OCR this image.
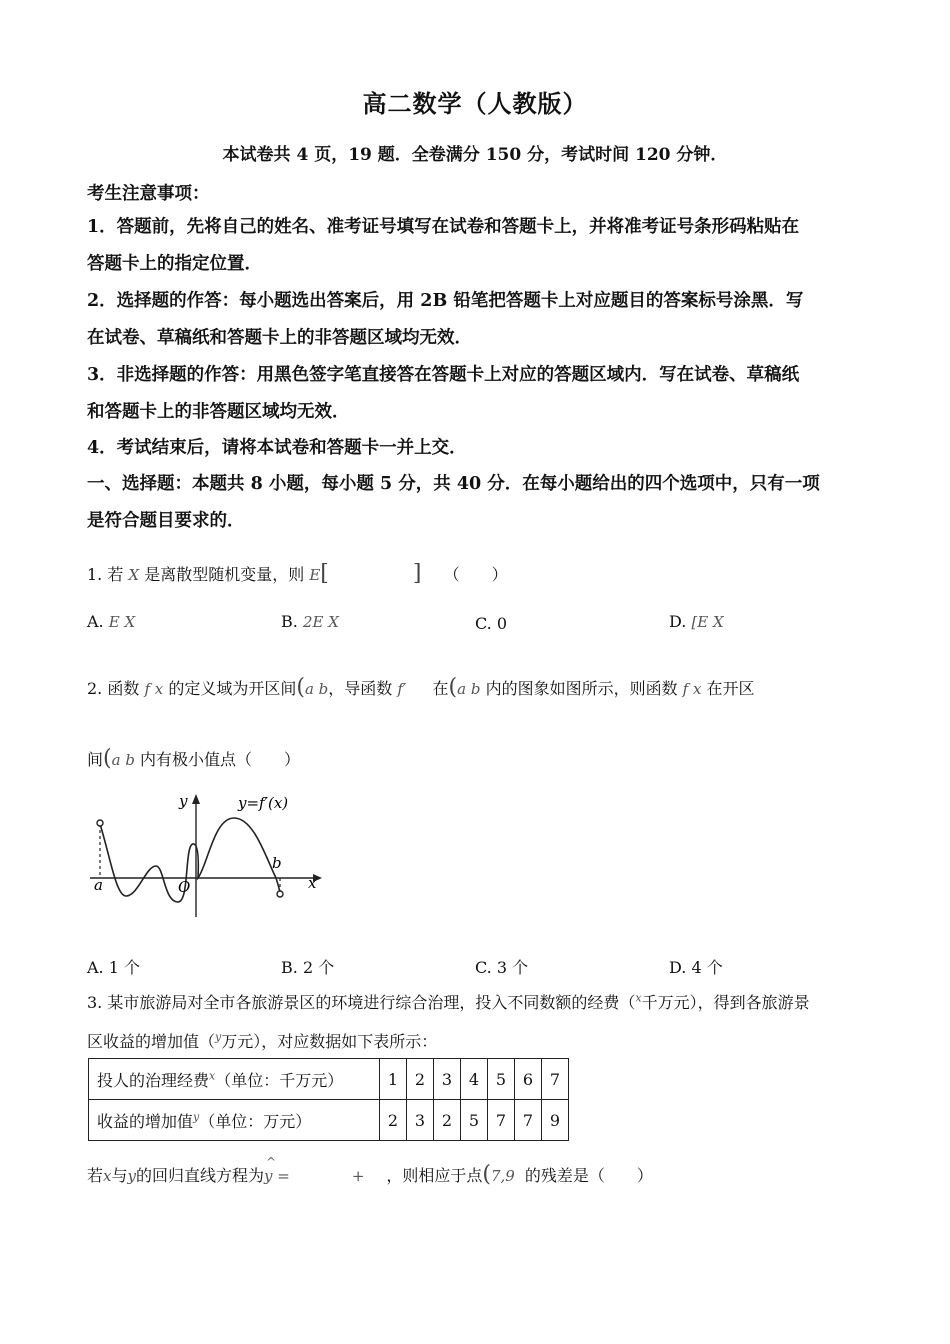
高二数学（人教版）
本试卷共 4 页，19 题．全卷满分 150 分，考试时间 120 分钟．
考生注意事项：
1．答题前，先将自己的姓名、准考证号填写在试卷和答题卡上，并将准考证号条形码粘贴在
答题卡上的指定位置．
2．选择题的作答：每小题选出答案后，用 2B 铅笔把答题卡上对应题目的答案标号涂黑．写
在试卷、草稿纸和答题卡上的非答题区域均无效．
3．非选择题的作答：用黑色签字笔直接答在答题卡上对应的答题区域内．写在试卷、草稿纸
和答题卡上的非答题区域均无效．
4．考试结束后，请将本试卷和答题卡一并上交．
一、选择题：本题共 8 小题，每小题 5 分，共 40 分．在每小题给出的四个选项中，只有一项
是符合题目要求的．
1. 若 X 是离散型随机变量，则 E[	] （　　）
A. E X	B. 2E X	C. 0	D. [E X
2. 函数 f x 的定义域为开区间(a b，导函数 f′ 在(a b 内的图象如图所示，则函数 f x 在开区
间(a b 内有极小值点（　　）
y
x
y=f′(x)
O
a
b
A. 1 个	B. 2 个	C. 3 个	D. 4 个
3. 某市旅游局对全市各旅游景区的环境进行综合治理，投入不同数额的经费（$^x$千万元），得到各旅游景
区收益的增加值（$^y$万元），对应数据如下表所示：
投人的治理经费$^x$（单位：千万元）	1	2	3	4	5	6	7
收益的增加值$^y$（单位：万元）	2	3	2	5	7	7	9
若x与y的回归直线方程为
^
y =	+ ，则相应于点(7,9 的残差是（　　）
